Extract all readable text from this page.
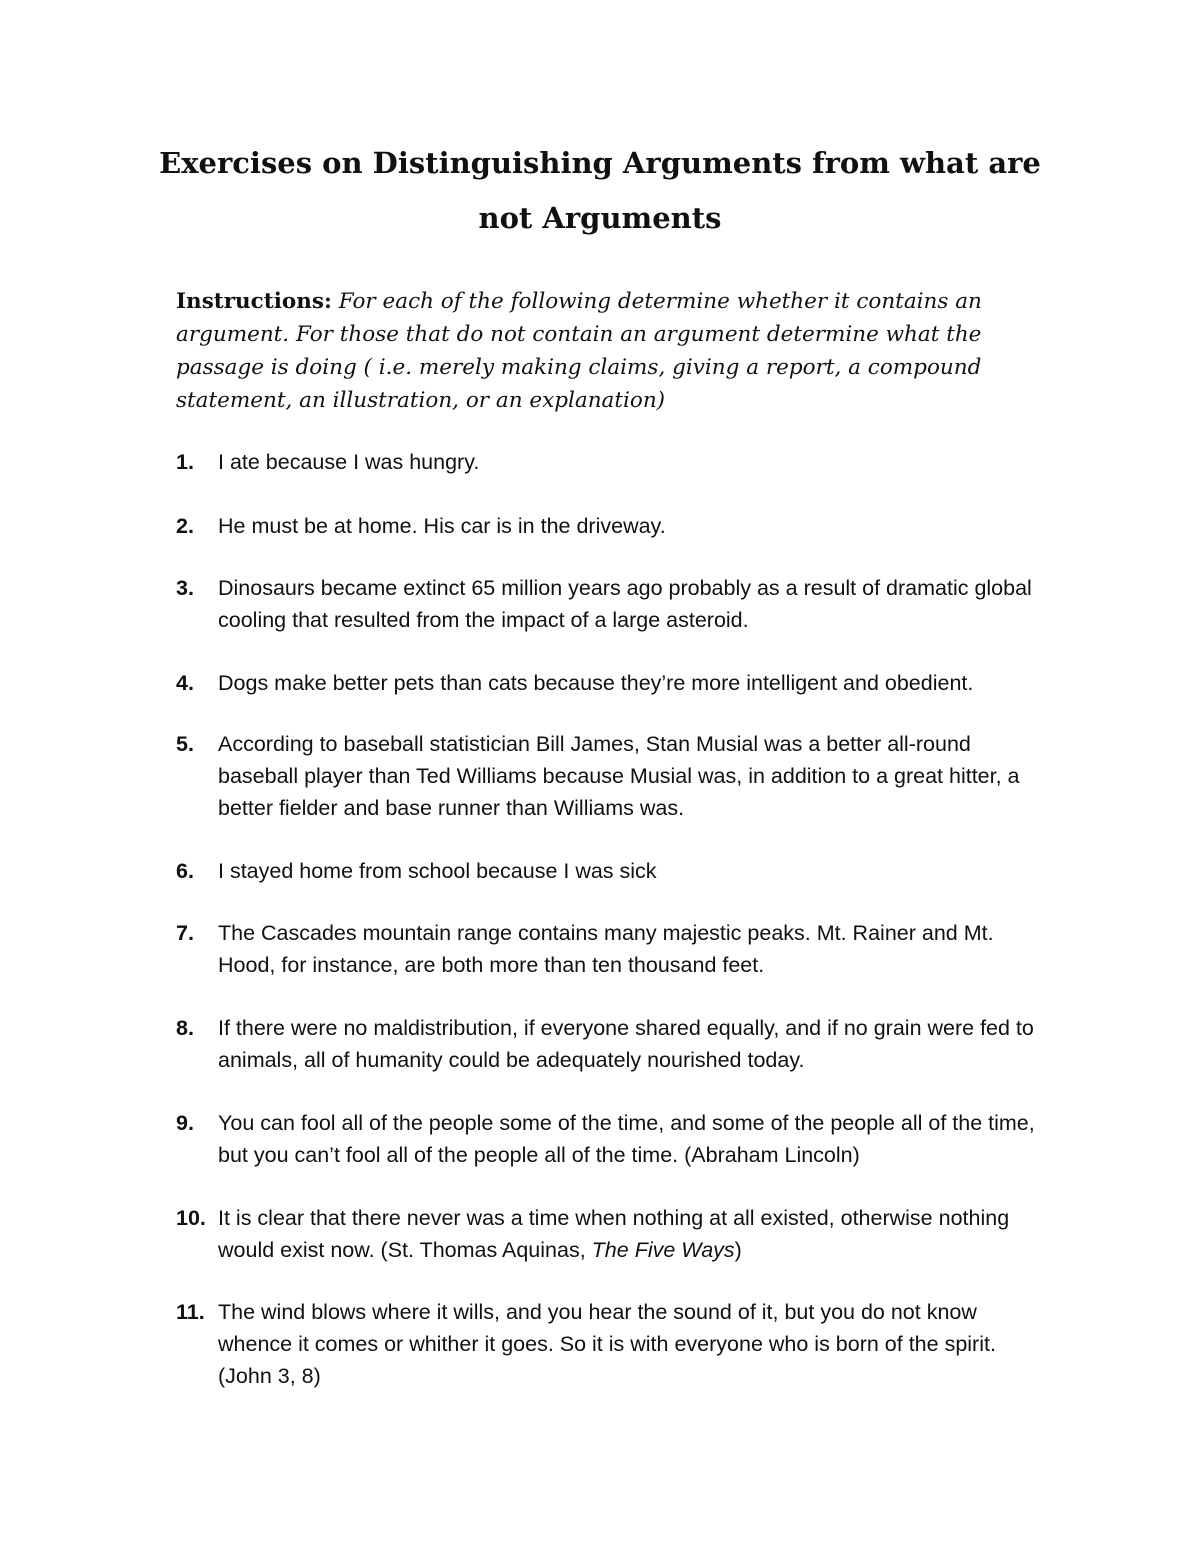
Exercises on Distinguishing Arguments from what are not Arguments

Instructions: For each of the following determine whether it contains an argument. For those that do not contain an argument determine what the passage is doing ( i.e. merely making claims, giving a report, a compound statement, an illustration, or an explanation)

1. I ate because I was hungry.
2. He must be at home. His car is in the driveway.
3. Dinosaurs became extinct 65 million years ago probably as a result of dramatic global cooling that resulted from the impact of a large asteroid.
4. Dogs make better pets than cats because they’re more intelligent and obedient.
5. According to baseball statistician Bill James, Stan Musial was a better all-round baseball player than Ted Williams because Musial was, in addition to a great hitter, a better fielder and base runner than Williams was.
6. I stayed home from school because I was sick
7. The Cascades mountain range contains many majestic peaks. Mt. Rainer and Mt. Hood, for instance, are both more than ten thousand feet.
8. If there were no maldistribution, if everyone shared equally, and if no grain were fed to animals, all of humanity could be adequately nourished today.
9. You can fool all of the people some of the time, and some of the people all of the time, but you can’t fool all of the people all of the time. (Abraham Lincoln)
10. It is clear that there never was a time when nothing at all existed, otherwise nothing would exist now. (St. Thomas Aquinas, The Five Ways)
11. The wind blows where it wills, and you hear the sound of it, but you do not know whence it comes or whither it goes. So it is with everyone who is born of the spirit. (John 3, 8)
